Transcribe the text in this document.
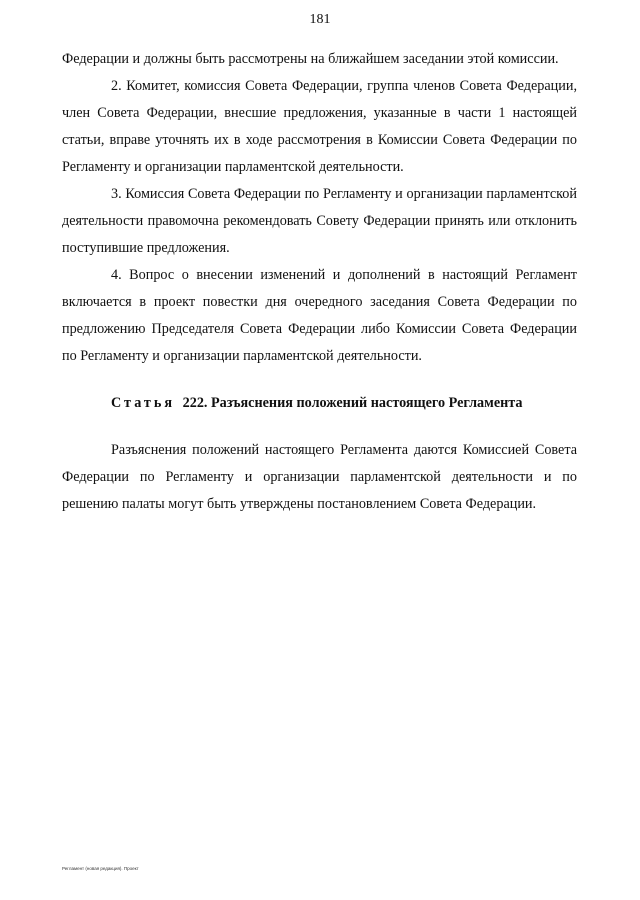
181

Федерации и должны быть рассмотрены на ближайшем заседании этой комиссии.

2. Комитет, комиссия Совета Федерации, группа членов Совета Федерации, член Совета Федерации, внесшие предложения, указанные в части 1 настоящей статьи, вправе уточнять их в ходе рассмотрения в Комиссии Совета Федерации по Регламенту и организации парламентской деятельности.

3. Комиссия Совета Федерации по Регламенту и организации парламентской деятельности правомочна рекомендовать Совету Федерации принять или отклонить поступившие предложения.

4. Вопрос о внесении изменений и дополнений в настоящий Регламент включается в проект повестки дня очередного заседания Совета Федерации по предложению Председателя Совета Федерации либо Комиссии Совета Федерации по Регламенту и организации парламентской деятельности.

Статья 222. Разъяснения положений настоящего Регламента

Разъяснения положений настоящего Регламента даются Комиссией Совета Федерации по Регламенту и организации парламентской деятельности и по решению палаты могут быть утверждены постановлением Совета Федерации.

Регламент (новая редакция). Проект
